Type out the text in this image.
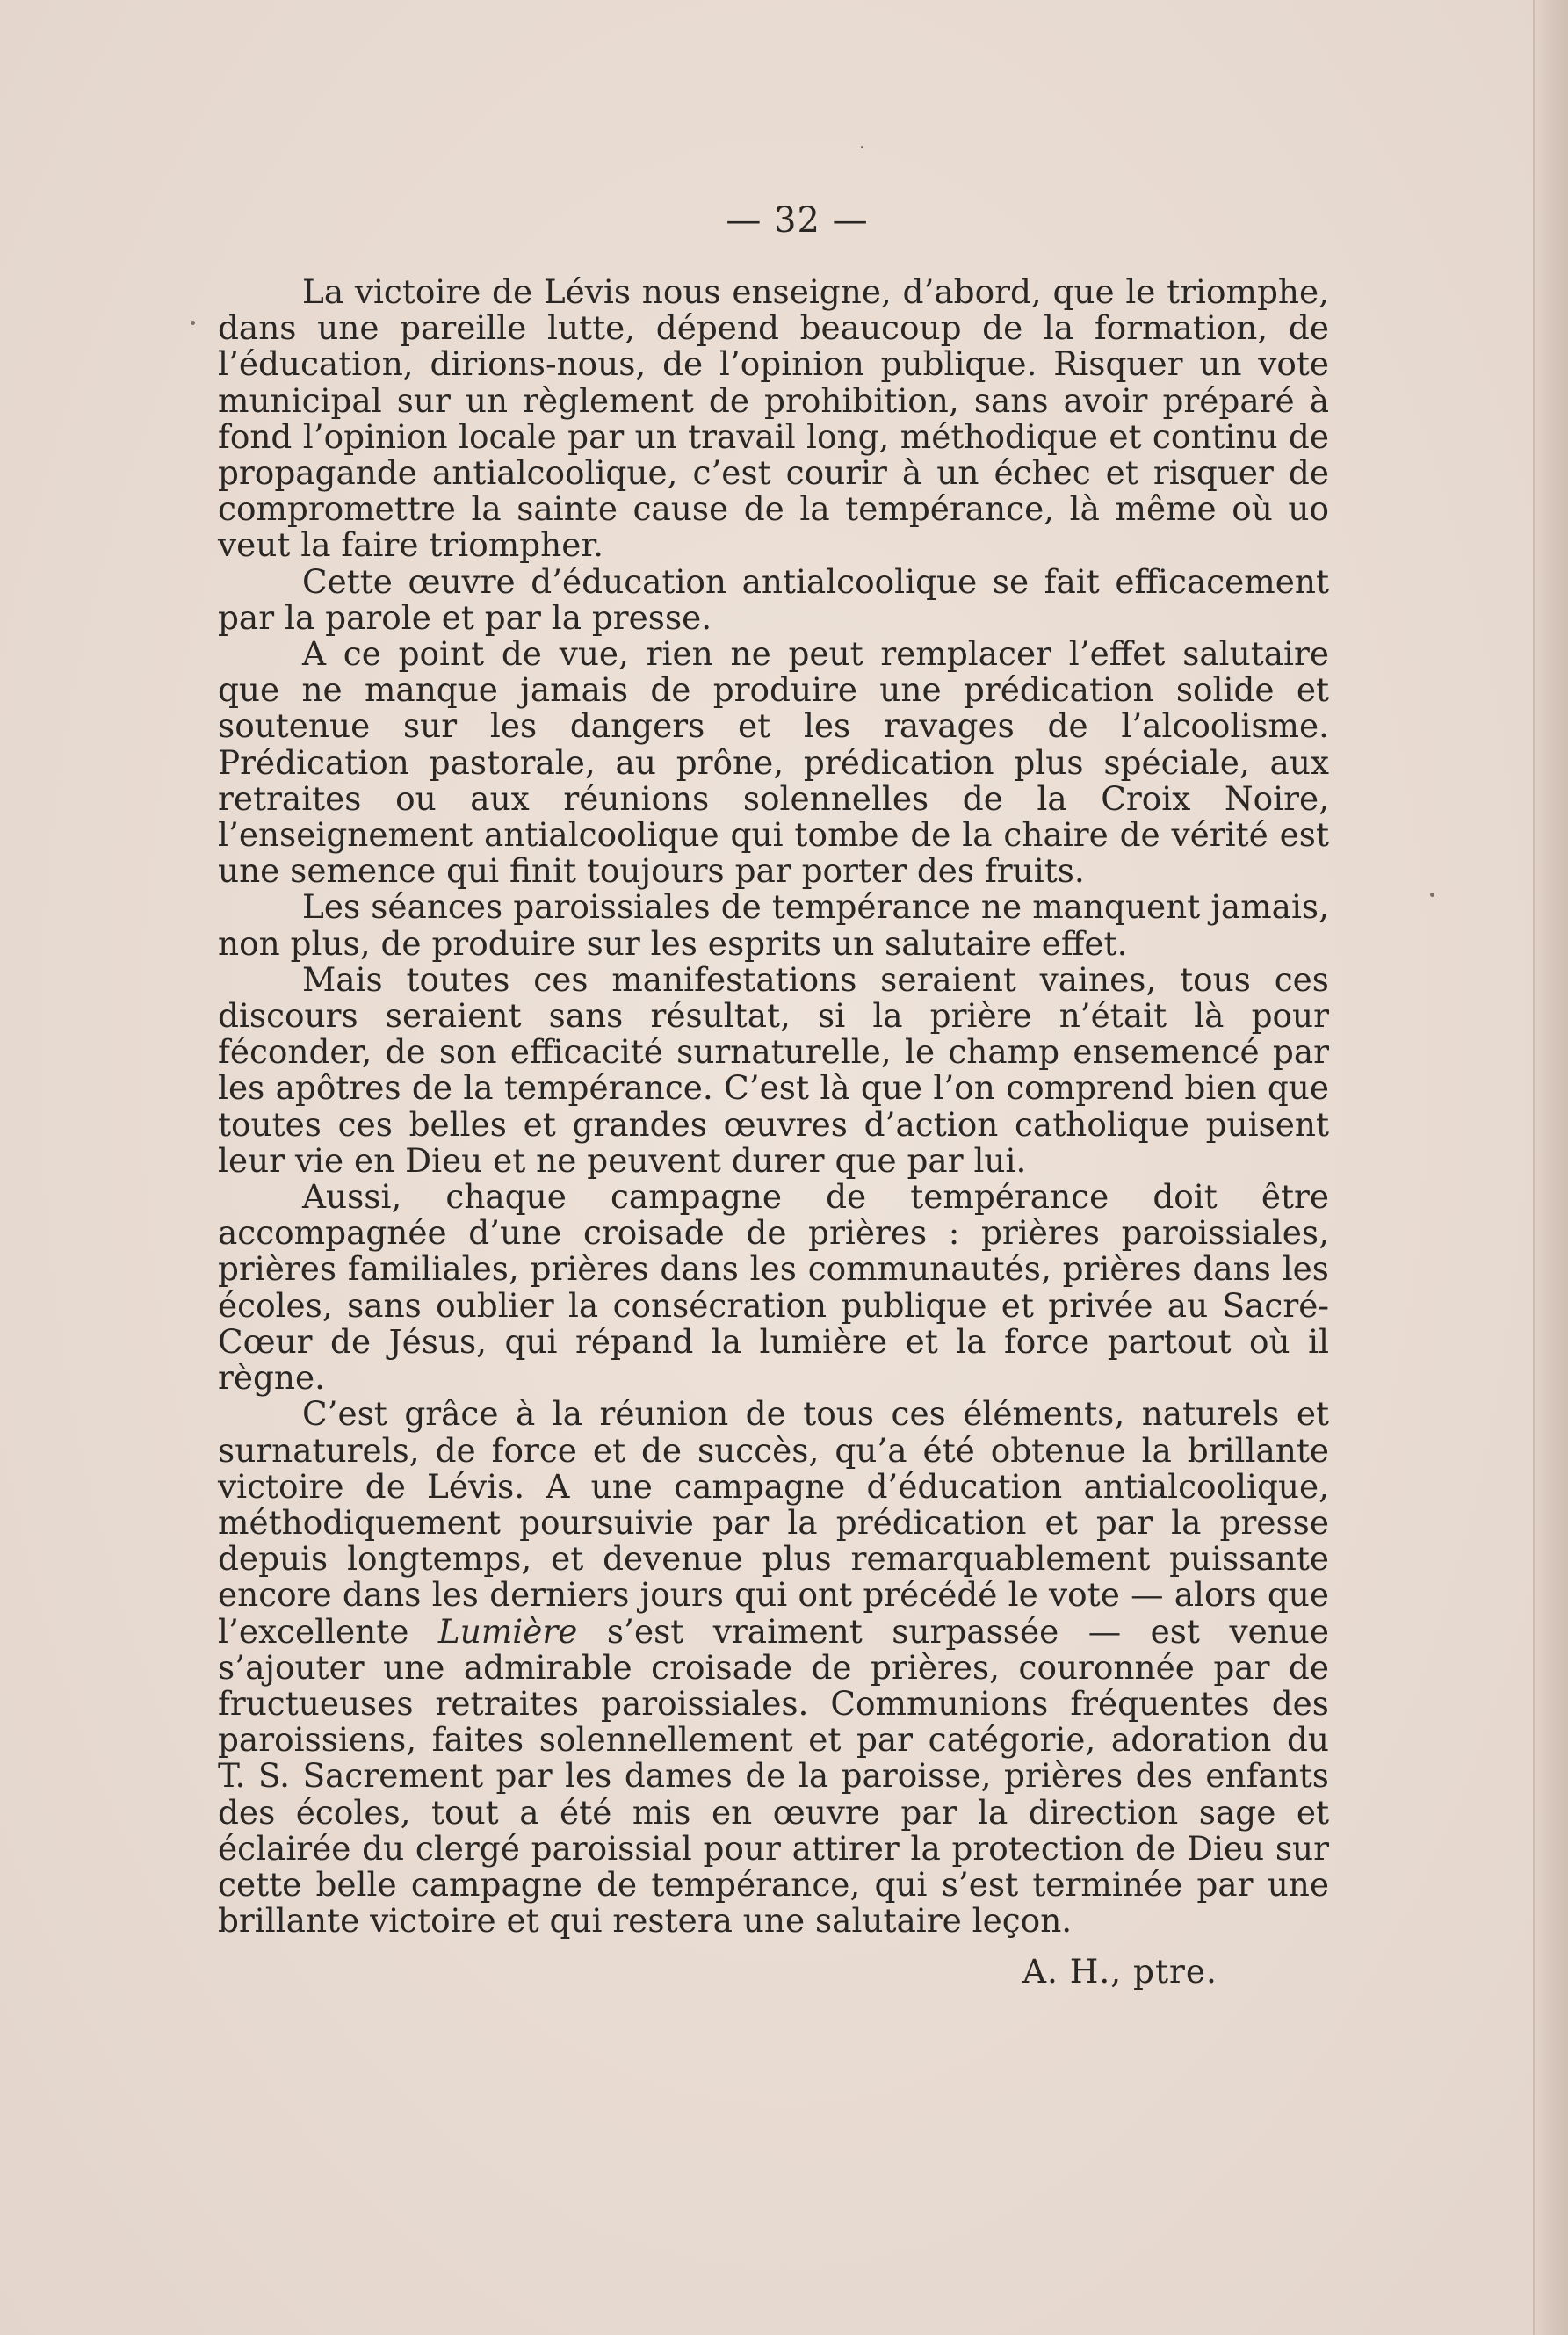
— 32 —

La victoire de Lévis nous enseigne, d’abord, que le triomphe, dans une pareille lutte, dépend beaucoup de la formation, de l’éducation, dirions-nous, de l’opinion publique. Risquer un vote municipal sur un règlement de prohibition, sans avoir préparé à fond l’opinion locale par un travail long, méthodique et continu de propagande antialcoolique, c’est courir à un échec et risquer de compromettre la sainte cause de la tempérance, là même où uo veut la faire triompher.

Cette œuvre d’éducation antialcoolique se fait efficacement par la parole et par la presse.

A ce point de vue, rien ne peut remplacer l’effet salutaire que ne manque jamais de produire une prédication solide et soutenue sur les dangers et les ravages de l’alcoolisme. Prédication pastorale, au prône, prédication plus spéciale, aux retraites ou aux réunions solennelles de la Croix Noire, l’enseignement antialcoolique qui tombe de la chaire de vérité est une semence qui finit toujours par porter des fruits.

Les séances paroissiales de tempérance ne manquent jamais, non plus, de produire sur les esprits un salutaire effet.

Mais toutes ces manifestations seraient vaines, tous ces discours seraient sans résultat, si la prière n’était là pour féconder, de son efficacité surnaturelle, le champ ensemencé par les apôtres de la tempérance. C’est là que l’on comprend bien que toutes ces belles et grandes œuvres d’action catholique puisent leur vie en Dieu et ne peuvent durer que par lui.

Aussi, chaque campagne de tempérance doit être accompagnée d’une croisade de prières : prières paroissiales, prières familiales, prières dans les communautés, prières dans les écoles, sans oublier la consécration publique et privée au Sacré-Cœur de Jésus, qui répand la lumière et la force partout où il règne.

C’est grâce à la réunion de tous ces éléments, naturels et surnaturels, de force et de succès, qu’a été obtenue la brillante victoire de Lévis. A une campagne d’éducation antialcoolique, méthodiquement poursuivie par la prédication et par la presse depuis longtemps, et devenue plus remarquablement puissante encore dans les derniers jours qui ont précédé le vote — alors que l’excellente Lumière s’est vraiment surpassée — est venue s’ajouter une admirable croisade de prières, couronnée par de fructueuses retraites paroissiales. Communions fréquentes des paroissiens, faites solennellement et par catégorie, adoration du T. S. Sacrement par les dames de la paroisse, prières des enfants des écoles, tout a été mis en œuvre par la direction sage et éclairée du clergé paroissial pour attirer la protection de Dieu sur cette belle campagne de tempérance, qui s’est terminée par une brillante victoire et qui restera une salutaire leçon.

A. H., ptre.
